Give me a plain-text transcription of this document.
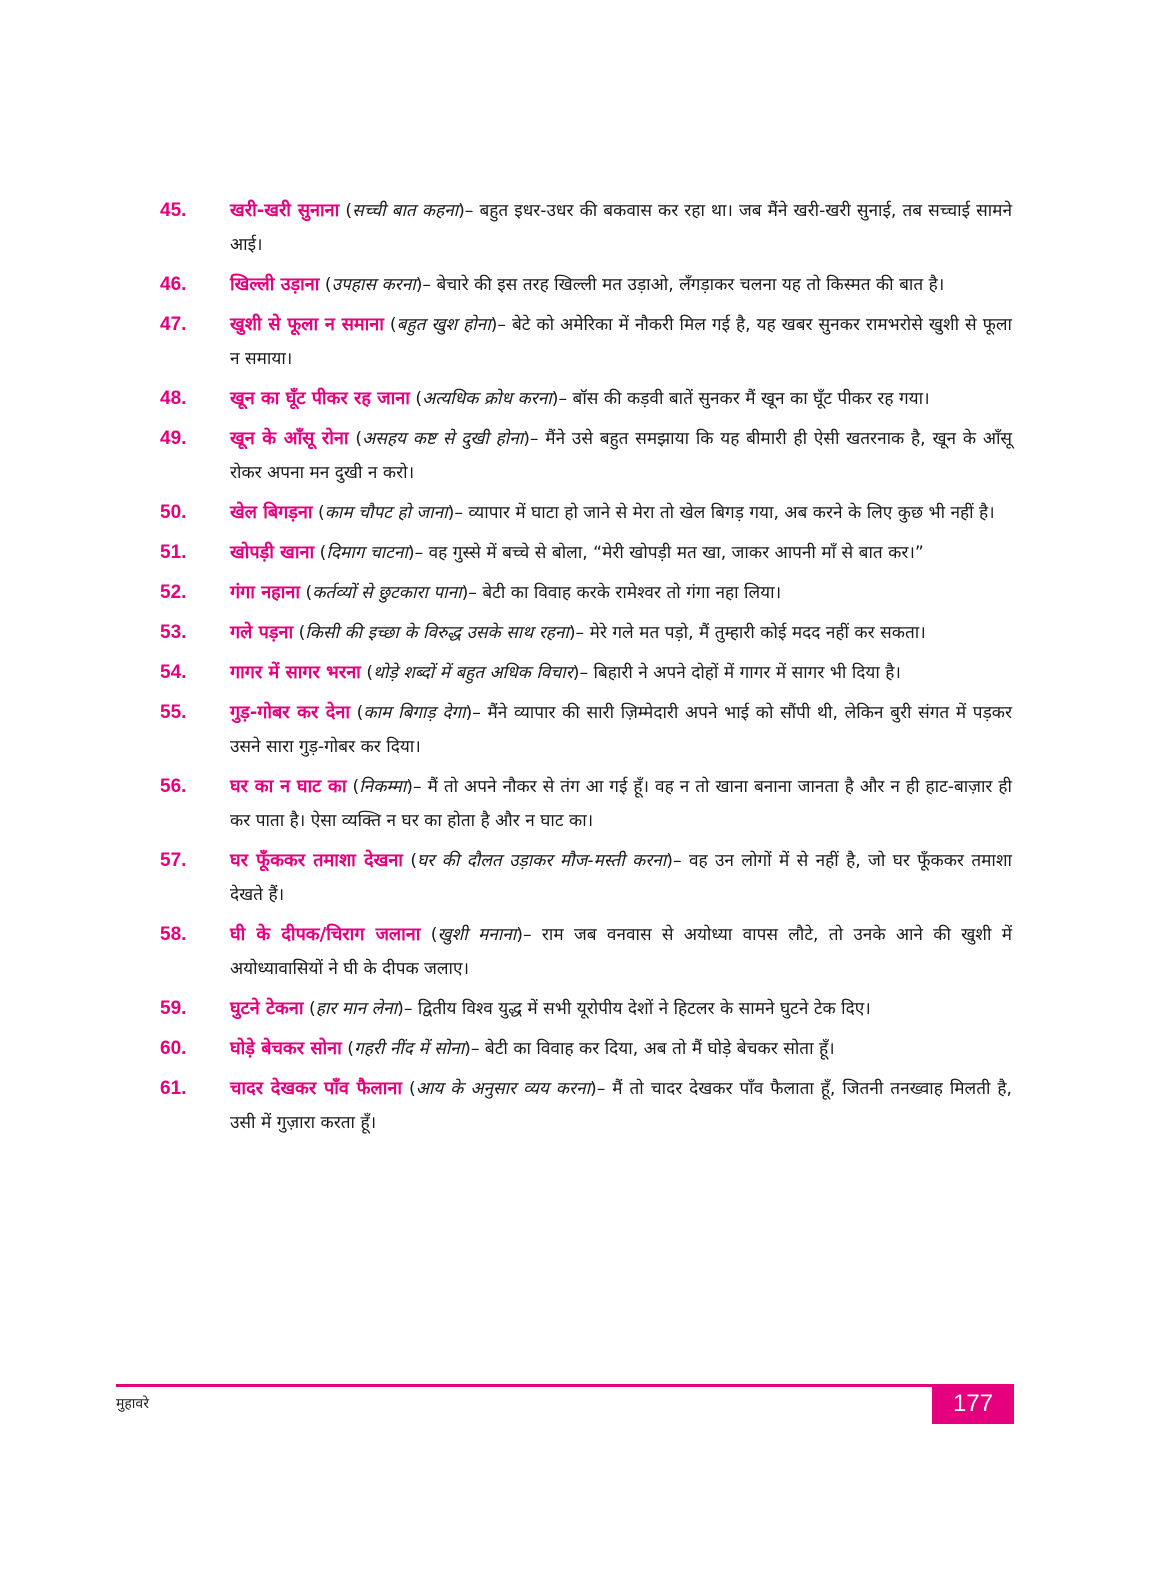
45.	खरी-खरी सुनाना (सच्ची बात कहना)– बहुत इधर-उधर की बकवास कर रहा था। जब मैंने खरी-खरी सुनाई, तब सच्चाई सामने आई।
46.	खिल्ली उड़ाना (उपहास करना)– बेचारे की इस तरह खिल्ली मत उड़ाओ, लँगड़ाकर चलना यह तो किस्मत की बात है।
47.	खुशी से फूला न समाना (बहुत खुश होना)– बेटे को अमेरिका में नौकरी मिल गई है, यह खबर सुनकर रामभरोसे खुशी से फूला न समाया।
48.	खून का घूँट पीकर रह जाना (अत्यधिक क्रोध करना)– बॉस की कड़वी बातें सुनकर मैं खून का घूँट पीकर रह गया।
49.	खून के आँसू रोना (असहय कष्ट से दुखी होना)– मैंने उसे बहुत समझाया कि यह बीमारी ही ऐसी खतरनाक है, खून के आँसू रोकर अपना मन दुखी न करो।
50.	खेल बिगड़ना (काम चौपट हो जाना)– व्यापार में घाटा हो जाने से मेरा तो खेल बिगड़ गया, अब करने के लिए कुछ भी नहीं है।
51.	खोपड़ी खाना (दिमाग चाटना)– वह गुस्से में बच्चे से बोला, “मेरी खोपड़ी मत खा, जाकर आपनी माँ से बात कर।”
52.	गंगा नहाना (कर्तव्यों से छुटकारा पाना)– बेटी का विवाह करके रामेश्वर तो गंगा नहा लिया।
53.	गले पड़ना (किसी की इच्छा के विरुद्ध उसके साथ रहना)– मेरे गले मत पड़ो, मैं तुम्हारी कोई मदद नहीं कर सकता।
54.	गागर में सागर भरना (थोड़े शब्दों में बहुत अधिक विचार)– बिहारी ने अपने दोहों में गागर में सागर भी दिया है।
55.	गुड़-गोबर कर देना (काम बिगाड़ देगा)– मैंने व्यापार की सारी ज़िम्मेदारी अपने भाई को सौंपी थी, लेकिन बुरी संगत में पड़कर उसने सारा गुड़-गोबर कर दिया।
56.	घर का न घाट का (निकम्मा)– मैं तो अपने नौकर से तंग आ गई हूँ। वह न तो खाना बनाना जानता है और न ही हाट-बाज़ार ही कर पाता है। ऐसा व्यक्ति न घर का होता है और न घाट का।
57.	घर फूँककर तमाशा देखना (घर की दौलत उड़ाकर मौज-मस्ती करना)– वह उन लोगों में से नहीं है, जो घर फूँककर तमाशा देखते हैं।
58.	घी के दीपक/चिराग जलाना (खुशी मनाना)– राम जब वनवास से अयोध्या वापस लौटे, तो उनके आने की खुशी में अयोध्यावासियों ने घी के दीपक जलाए।
59.	घुटने टेकना (हार मान लेना)– द्वितीय विश्व युद्ध में सभी यूरोपीय देशों ने हिटलर के सामने घुटने टेक दिए।
60.	घोड़े बेचकर सोना (गहरी नींद में सोना)– बेटी का विवाह कर दिया, अब तो मैं घोड़े बेचकर सोता हूँ।
61.	चादर देखकर पाँव फैलाना (आय के अनुसार व्यय करना)– मैं तो चादर देखकर पाँव फैलाता हूँ, जितनी तनख्वाह मिलती है, उसी में गुज़ारा करता हूँ।
मुहावरे	177
